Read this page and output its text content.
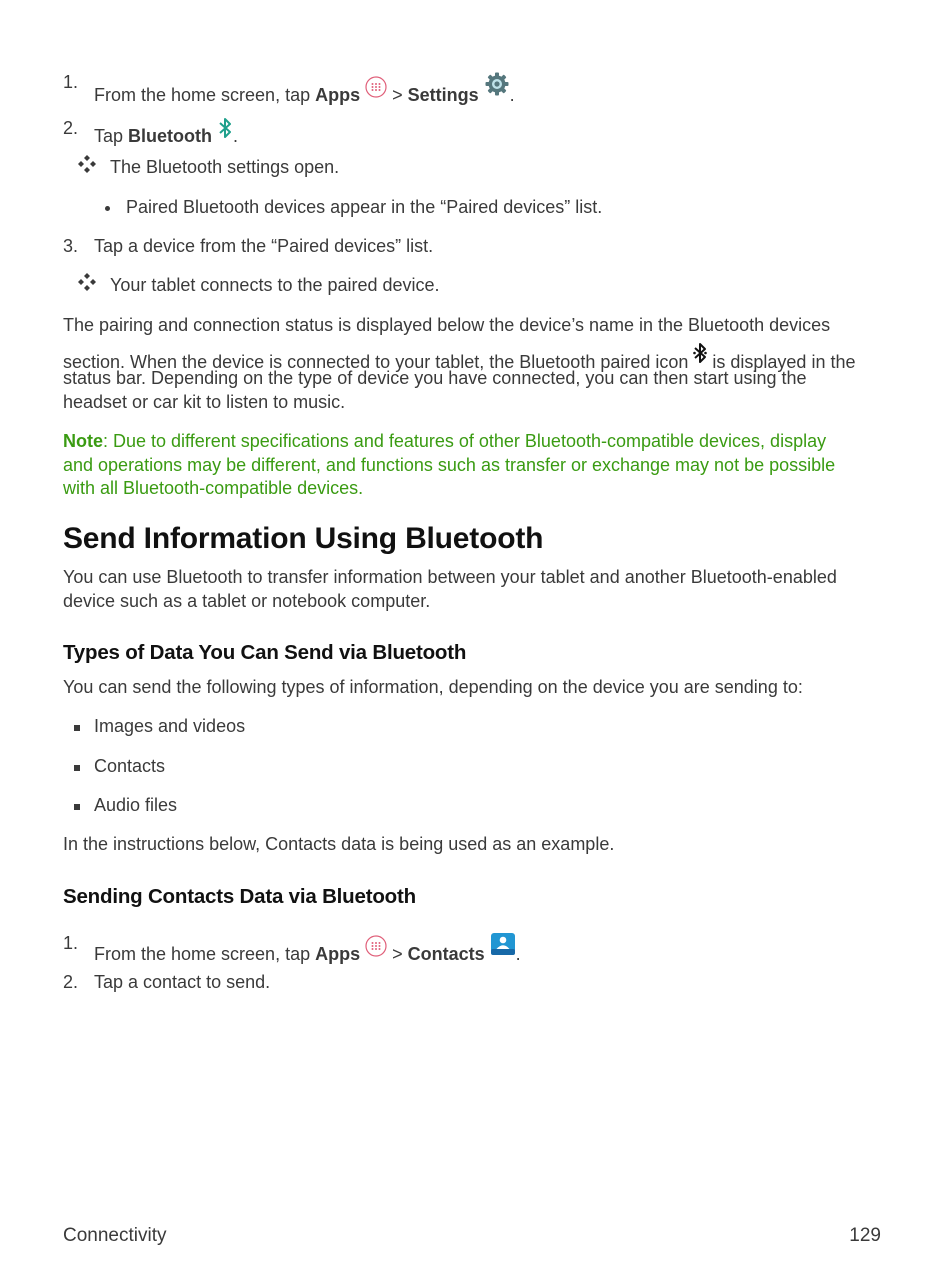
1.
From the home screen, tap Apps  > Settings .
2. Tap Bluetooth .
The Bluetooth settings open.
Paired Bluetooth devices appear in the “Paired devices” list.
3. Tap a device from the “Paired devices” list.
Your tablet connects to the paired device.
The pairing and connection status is displayed below the device’s name in the Bluetooth devices
section. When the device is connected to your tablet, the Bluetooth paired icon  is displayed in the
status bar. Depending on the type of device you have connected, you can then start using the
headset or car kit to listen to music.
Note: Due to different specifications and features of other Bluetooth-compatible devices, display
and operations may be different, and functions such as transfer or exchange may not be possible
with all Bluetooth-compatible devices.
Send Information Using Bluetooth
You can use Bluetooth to transfer information between your tablet and another Bluetooth-enabled
device such as a tablet or notebook computer.
Types of Data You Can Send via Bluetooth
You can send the following types of information, depending on the device you are sending to:
Images and videos
Contacts
Audio files
In the instructions below, Contacts data is being used as an example.
Sending Contacts Data via Bluetooth
1.
From the home screen, tap Apps  > Contacts .
2. Tap a contact to send.
Connectivity	129
